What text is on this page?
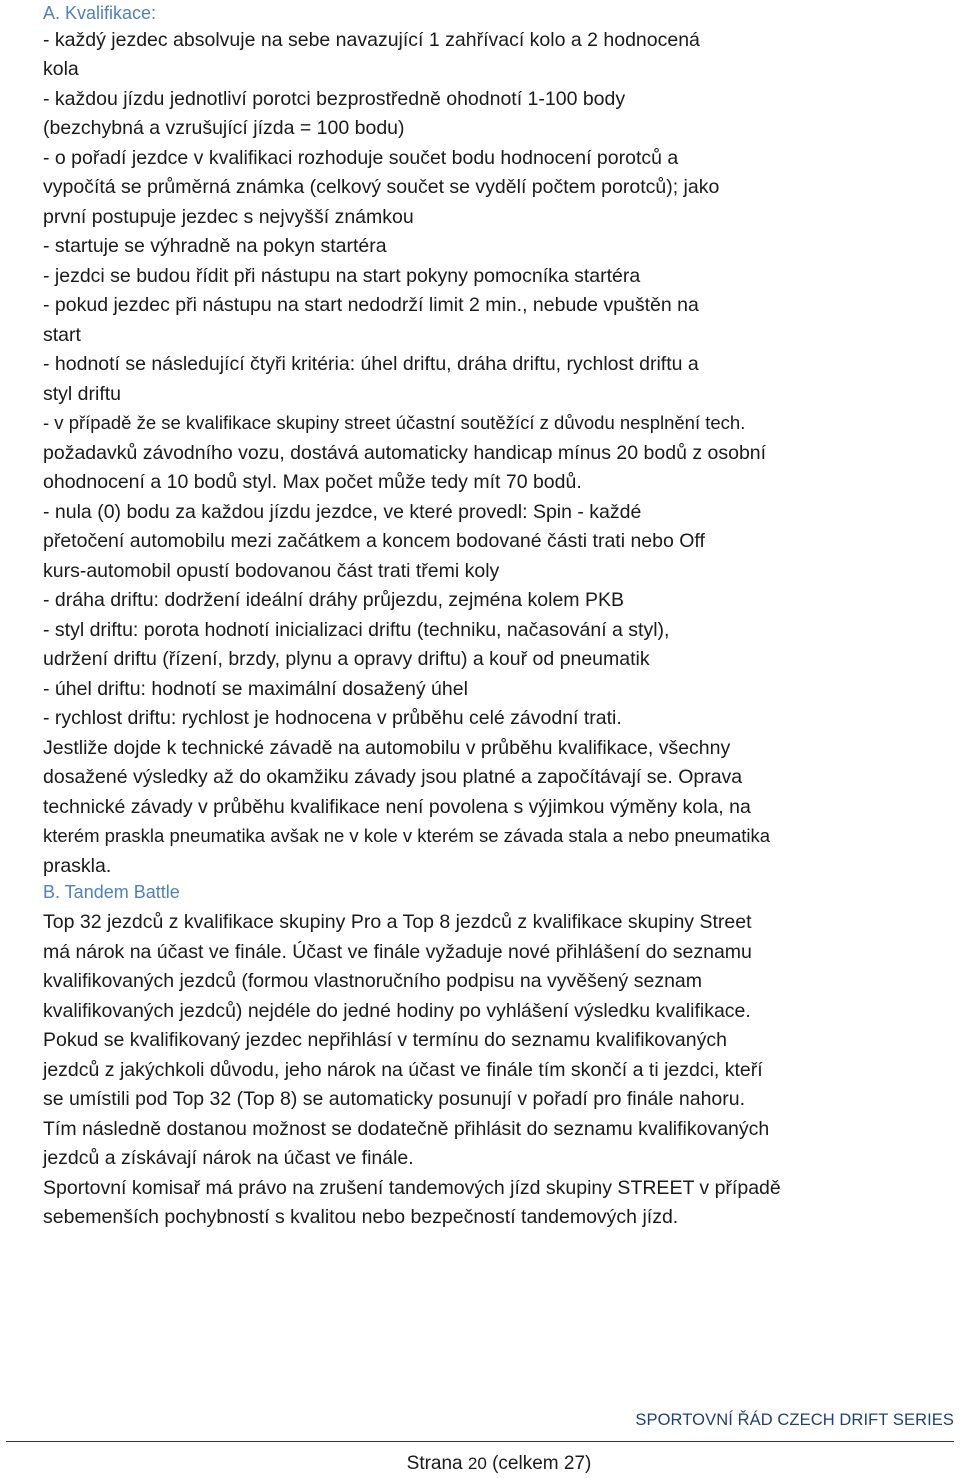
A. Kvalifikace:
- každý jezdec absolvuje na sebe navazující 1 zahřívací kolo a 2 hodnocená
kola
- každou jízdu jednotliví porotci bezprostředně ohodnotí 1-100 body
(bezchybná a vzrušující jízda = 100 bodu)
- o pořadí jezdce v kvalifikaci rozhoduje součet bodu hodnocení porotců a
vypočítá se průměrná známka (celkový součet se vydělí počtem porotců); jako
první postupuje jezdec s nejvyšší známkou
- startuje se výhradně na pokyn startéra
- jezdci se budou řídit při nástupu na start pokyny pomocníka startéra
- pokud jezdec při nástupu na start nedodrží limit 2 min., nebude vpuštěn na
start
- hodnotí se následující čtyři kritéria: úhel driftu, dráha driftu, rychlost driftu a
styl driftu
- v případě že se kvalifikace skupiny street účastní soutěžící z důvodu nesplnění tech.
požadavků závodního vozu, dostává automaticky handicap mínus 20 bodů z osobní
ohodnocení a 10 bodů styl. Max počet může tedy mít 70 bodů.
- nula (0) bodu za každou jízdu jezdce, ve které provedl: Spin - každé
přetočení automobilu mezi začátkem a koncem bodované části trati nebo Off
kurs-automobil opustí bodovanou část trati třemi koly
- dráha driftu: dodržení ideální dráhy průjezdu, zejména kolem PKB
- styl driftu: porota hodnotí inicializaci driftu (techniku, načasování a styl),
udržení driftu (řízení, brzdy, plynu a opravy driftu) a kouř od pneumatik
- úhel driftu: hodnotí se maximální dosažený úhel
- rychlost driftu: rychlost je hodnocena v průběhu celé závodní trati.
Jestliže dojde k technické závadě na automobilu v průběhu kvalifikace, všechny
dosažené výsledky až do okamžiku závady jsou platné a započítávají se. Oprava
technické závady v průběhu kvalifikace není povolena s výjimkou výměny kola, na
kterém praskla pneumatika avšak ne v kole v kterém se závada stala a nebo pneumatika
praskla.
B. Tandem Battle
Top 32 jezdců z kvalifikace skupiny Pro a Top 8 jezdců z kvalifikace skupiny Street
má nárok na účast ve finále. Účast ve finále vyžaduje nové přihlášení do seznamu
kvalifikovaných jezdců (formou vlastnoručního podpisu na vyvěšený seznam
kvalifikovaných jezdců) nejdéle do jedné hodiny po vyhlášení výsledku kvalifikace.
Pokud se kvalifikovaný jezdec nepřihlásí v termínu do seznamu kvalifikovaných
jezdců z jakýchkoli důvodu, jeho nárok na účast ve finále tím skončí a ti jezdci, kteří
se umístili pod Top 32 (Top 8) se automaticky posunují v pořadí pro finále nahoru.
Tím následně dostanou možnost se dodatečně přihlásit do seznamu kvalifikovaných
jezdců a získávají nárok na účast ve finále.
Sportovní komisař má právo na zrušení tandemových jízd skupiny STREET v případě
sebemenších pochybností s kvalitou nebo bezpečností tandemových jízd.
SPORTOVNÍ ŘÁD CZECH DRIFT SERIES
Strana 20 (celkem 27)
